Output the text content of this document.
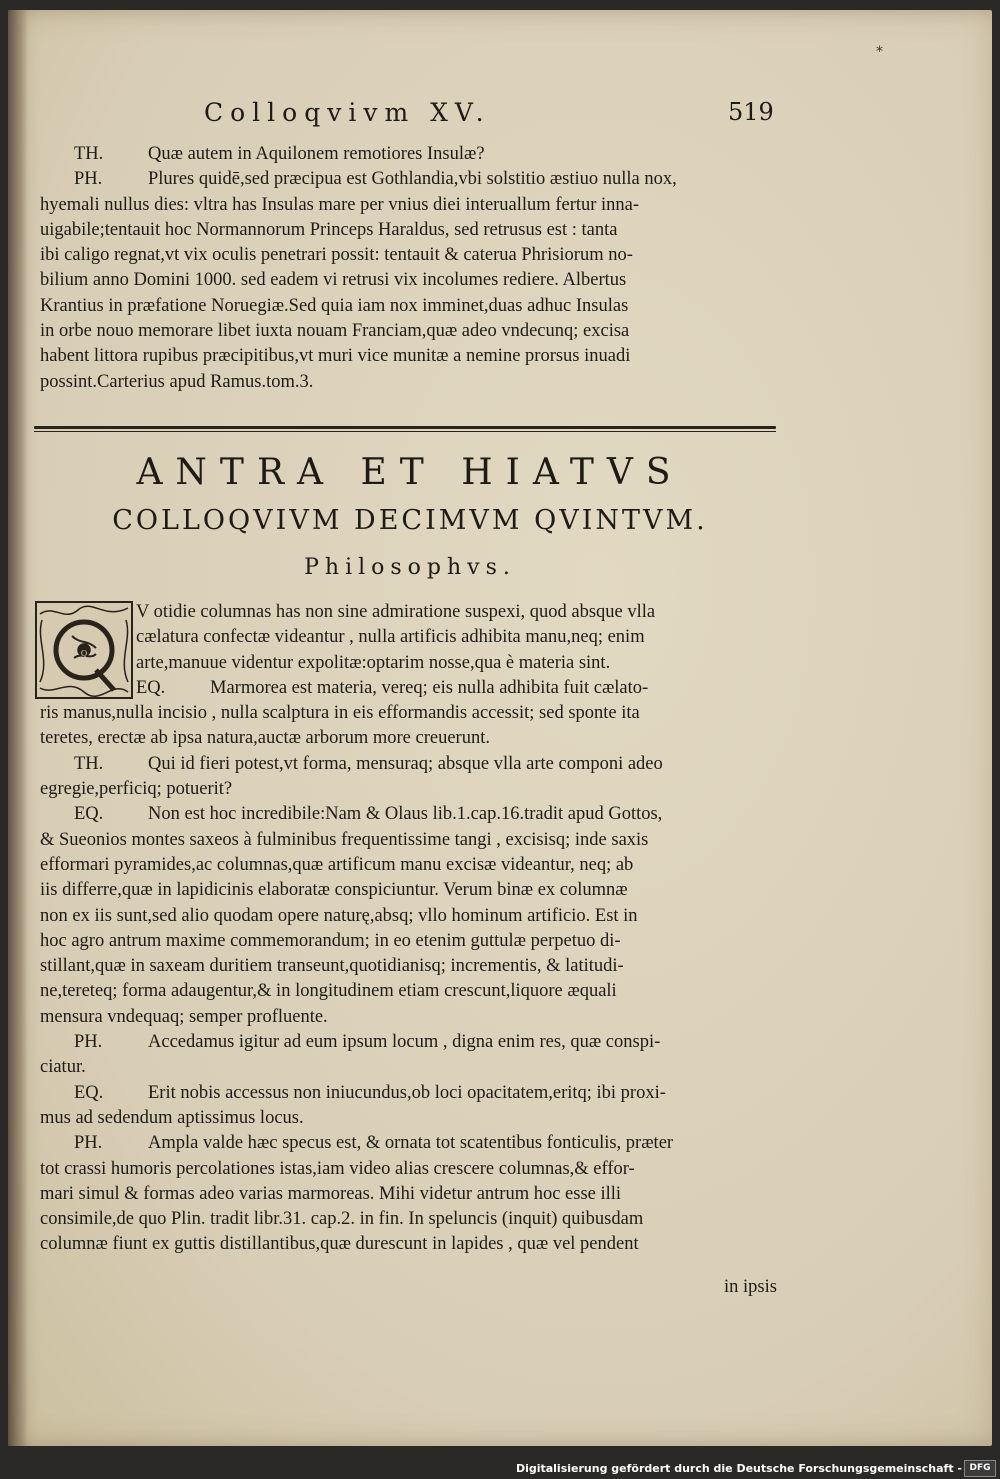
*
Colloqvivm XV.	519
TH. Quæ autem in Aquilonem remotiores Insulæ?
PH. Plures quidē,sed præcipua est Gothlandia,vbi solstitio æstiuo nulla nox,
hyemali nullus dies: vltra has Insulas mare per vnius diei interuallum fertur inna-
uigabile;tentauit hoc Normannorum Princeps Haraldus, sed retrusus est : tanta
ibi caligo regnat,vt vix oculis penetrari possit: tentauit & caterua Phrisiorum no-
bilium anno Domini 1000. sed eadem vi retrusi vix incolumes rediere. Albertus
Krantius in præfatione Noruegiæ.Sed quia iam nox imminet,duas adhuc Insulas
in orbe nouo memorare libet iuxta nouam Franciam,quæ adeo vndecunq; excisa
habent littora rupibus præcipitibus,vt muri vice munitæ a nemine prorsus inuadi
possint.Carterius apud Ramus.tom.3.
ANTRA ET HIATVS
COLLOQVIVM DECIMVM QVINTVM.
Philosophvs.
Q
V otidie columnas has non sine admiratione suspexi, quod absque vlla
cælatura confectæ videantur , nulla artificis adhibita manu,neq; enim
arte,manuue videntur expolitæ:optarim nosse,qua è materia sint.
EQ. Marmorea est materia, vereq; eis nulla adhibita fuit cælato-
ris manus,nulla incisio , nulla scalptura in eis efformandis accessit; sed sponte ita
teretes, erectæ ab ipsa natura,auctæ arborum more creuerunt.
TH. Qui id fieri potest,vt forma, mensuraq; absque vlla arte componi adeo
egregie,perficiq; potuerit?
EQ. Non est hoc incredibile:Nam & Olaus lib.1.cap.16.tradit apud Gottos,
& Sueonios montes saxeos à fulminibus frequentissime tangi , excisisq; inde saxis
efformari pyramides,ac columnas,quæ artificum manu excisæ videantur, neq; ab
iis differre,quæ in lapidicinis elaboratæ conspiciuntur. Verum binæ ex columnæ
non ex iis sunt,sed alio quodam opere naturę,absq; vllo hominum artificio. Est in
hoc agro antrum maxime commemorandum; in eo etenim guttulæ perpetuo di-
stillant,quæ in saxeam duritiem transeunt,quotidianisq; incrementis, & latitudi-
ne,tereteq; forma adaugentur,& in longitudinem etiam crescunt,liquore æquali
mensura vndequaq; semper profluente.
PH. Accedamus igitur ad eum ipsum locum , digna enim res, quæ conspi-
ciatur.
EQ. Erit nobis accessus non iniucundus,ob loci opacitatem,eritq; ibi proxi-
mus ad sedendum aptissimus locus.
PH. Ampla valde hæc specus est, & ornata tot scatentibus fonticulis, præter
tot crassi humoris percolationes istas,iam video alias crescere columnas,& effor-
mari simul & formas adeo varias marmoreas. Mihi videtur antrum hoc esse illi
consimile,de quo Plin. tradit libr.31. cap.2. in fin. In speluncis (inquit) quibusdam
columnæ fiunt ex guttis distillantibus,quæ durescunt in lapides , quæ vel pendent
in ipsis
Digitalisierung gefördert durch die Deutsche Forschungsgemeinschaft - DFG
